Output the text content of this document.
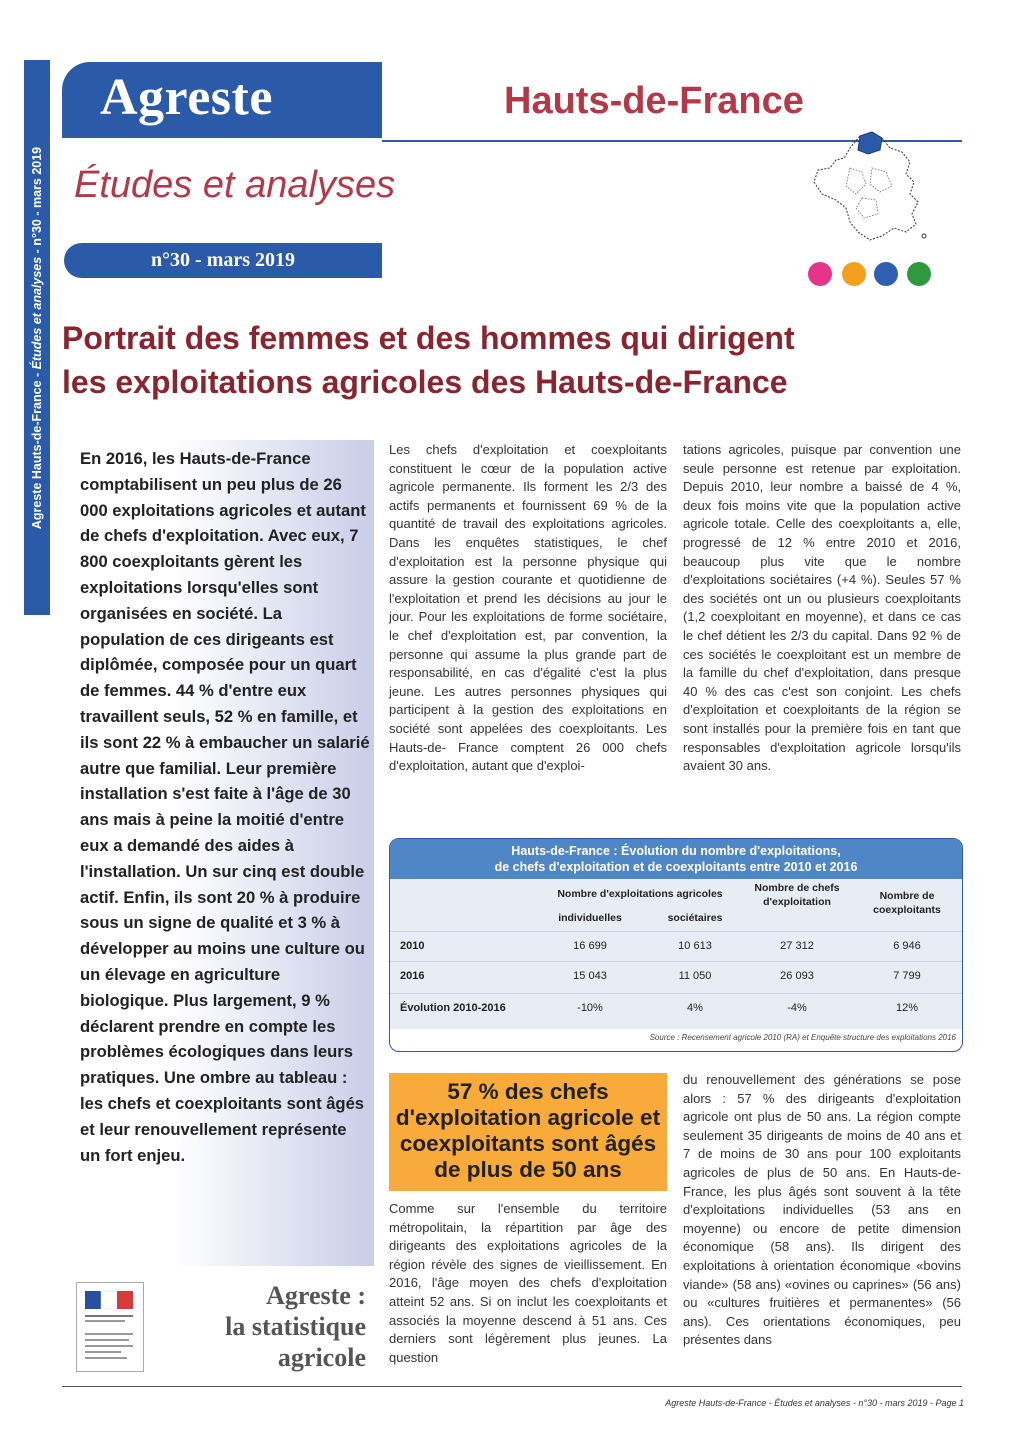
Agreste Hauts-de-France - Études et analyses - n°30 - mars 2019
Agreste	Hauts-de-France
Études et analyses
n°30 - mars 2019
Portrait des femmes et des hommes qui dirigent
les exploitations agricoles des Hauts-de-France
En 2016, les Hauts-de-France comptabilisent un peu plus de 26 000 exploitations agricoles et autant de chefs d'exploitation. Avec eux, 7 800 coexploitants gèrent les exploitations lorsqu'elles sont organisées en société. La population de ces dirigeants est diplômée, composée pour un quart de femmes. 44 % d'entre eux travaillent seuls, 52 % en famille, et ils sont 22 % à embaucher un salarié autre que familial. Leur première installation s'est faite à l'âge de 30 ans mais à peine la moitié d'entre eux a demandé des aides à l'installation. Un sur cinq est double actif. Enfin, ils sont 20 % à produire sous un signe de qualité et 3 % à développer au moins une culture ou un élevage en agriculture biologique. Plus largement, 9 % déclarent prendre en compte les problèmes écologiques dans leurs pratiques. Une ombre au tableau : les chefs et coexploitants sont âgés et leur renouvellement représente un fort enjeu.
Les chefs d'exploitation et coexploitants constituent le cœur de la population active agricole permanente. Ils forment les 2/3 des actifs permanents et fournissent 69 % de la quantité de travail des exploitations agricoles. Dans les enquêtes statistiques, le chef d'exploitation est la personne physique qui assure la gestion courante et quotidienne de l'exploitation et prend les décisions au jour le jour. Pour les exploitations de forme sociétaire, le chef d'exploitation est, par convention, la personne qui assume la plus grande part de responsabilité, en cas d'égalité c'est la plus jeune. Les autres personnes physiques qui participent à la gestion des exploitations en société sont appelées des coexploitants. Les Hauts-de- France comptent 26 000 chefs d'exploitation, autant que d'exploi-
tations agricoles, puisque par convention une seule personne est retenue par exploitation. Depuis 2010, leur nombre a baissé de 4 %, deux fois moins vite que la population active agricole totale. Celle des coexploitants a, elle, progressé de 12 % entre 2010 et 2016, beaucoup plus vite que le nombre d'exploitations sociétaires (+4 %). Seules 57 % des sociétés ont un ou plusieurs coexploitants (1,2 coexploitant en moyenne), et dans ce cas le chef détient les 2/3 du capital. Dans 92 % de ces sociétés le coexploitant est un membre de la famille du chef d'exploitation, dans presque 40 % des cas c'est son conjoint. Les chefs d'exploitation et coexploitants de la région se sont installés pour la première fois en tant que responsables d'exploitation agricole lorsqu'ils avaient 30 ans.
Hauts-de-France : Évolution du nombre d'exploitations,
de chefs d'exploitation et de coexploitants entre 2010 et 2016
Nombre d'exploitations agricoles
individuelles	sociétaires
Nombre de chefs d'exploitation	Nombre de coexploitants
2010	16 699	10 613	27 312	6 946
2016	15 043	11 050	26 093	7 799
Évolution 2010-2016	-10%	4%	-4%	12%
Source : Recensement agricole 2010 (RA) et Enquête structure des exploitations 2016
57 % des chefs
d'exploitation agricole et
coexploitants sont âgés
de plus de 50 ans
Comme sur l'ensemble du territoire métropolitain, la répartition par âge des dirigeants des exploitations agricoles de la région révèle des signes de vieillissement. En 2016, l'âge moyen des chefs d'exploitation atteint 52 ans. Si on inclut les coexploitants et associés la moyenne descend à 51 ans. Ces derniers sont légèrement plus jeunes. La question
du renouvellement des générations se pose alors : 57 % des dirigeants d'exploitation agricole ont plus de 50 ans. La région compte seulement 35 dirigeants de moins de 40 ans et 7 de moins de 30 ans pour 100 exploitants agricoles de plus de 50 ans. En Hauts-de-France, les plus âgés sont souvent à la tête d'exploitations individuelles (53 ans en moyenne) ou encore de petite dimension économique (58 ans). Ils dirigent des exploitations à orientation économique «bovins viande» (58 ans) «ovines ou caprines» (56 ans) ou «cultures fruitières et permanentes» (56 ans). Ces orientations économiques, peu présentes dans
Agreste :
la statistique
agricole
Agreste Hauts-de-France - Études et analyses - n°30 - mars 2019 - Page 1
